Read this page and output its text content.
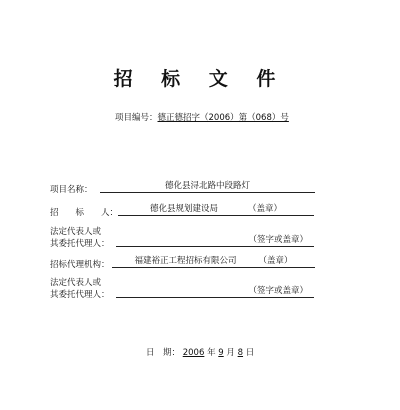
招 标 文 件
项目编号：德正德招字（2006）第（068）号
项目名称：	德化县浔北路中段路灯
招　　标　　人：	德化县规划建设局	（盖章）
法定代表人或
其委托代理人：	（签字或盖章）
招标代理机构：	福建裕正工程招标有限公司	（盖章）
法定代表人或
其委托代理人：	（签字或盖章）
日　期： 2006 年 9 月 8 日
